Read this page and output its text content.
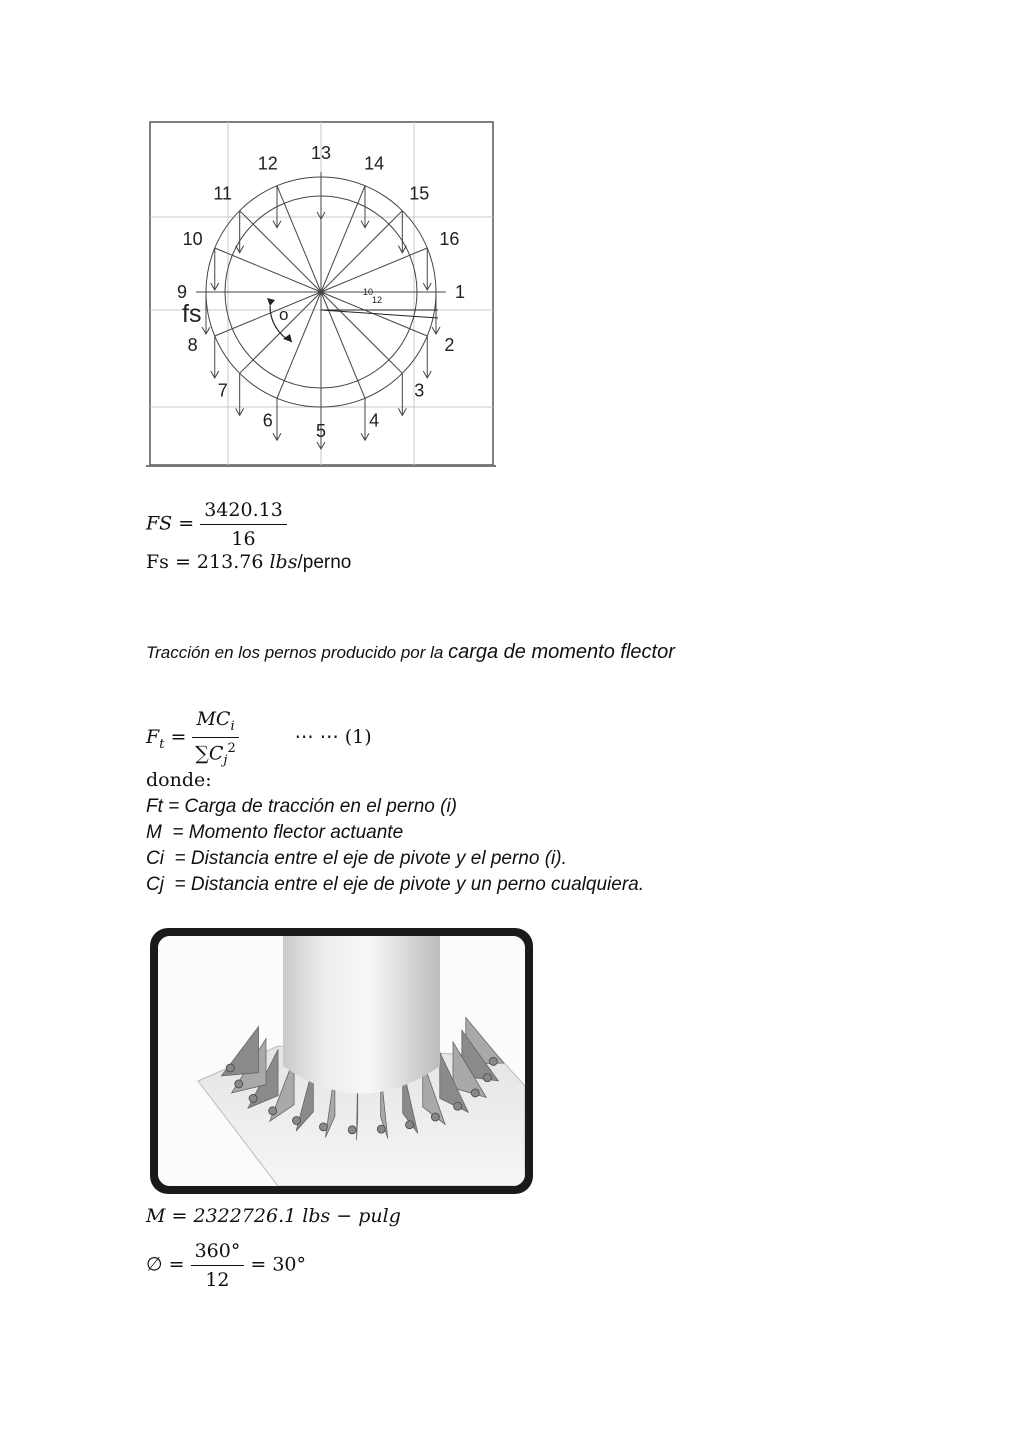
1
2
3
4
5
6
7
8
9
10
11
12
13
14
15
16
fs	o
10
12
FS = $\frac{3420.13}{16}$
Fs = 213.76 lbs/perno
Tracción en los pernos producido por la carga de momento flector
$F_t = \frac{MC_i}{\sum C_j^2}$	⋯ ⋯ (1)
donde:
Ft = Carga de tracción en el perno (i)
M  = Momento flector actuante
Ci  = Distancia entre el eje de pivote y el perno (i).
Cj  = Distancia entre el eje de pivote y un perno cualquiera.
M = 2322726.1 lbs − pulg
∅ = $\frac{360^\circ}{12} = 30^\circ$
